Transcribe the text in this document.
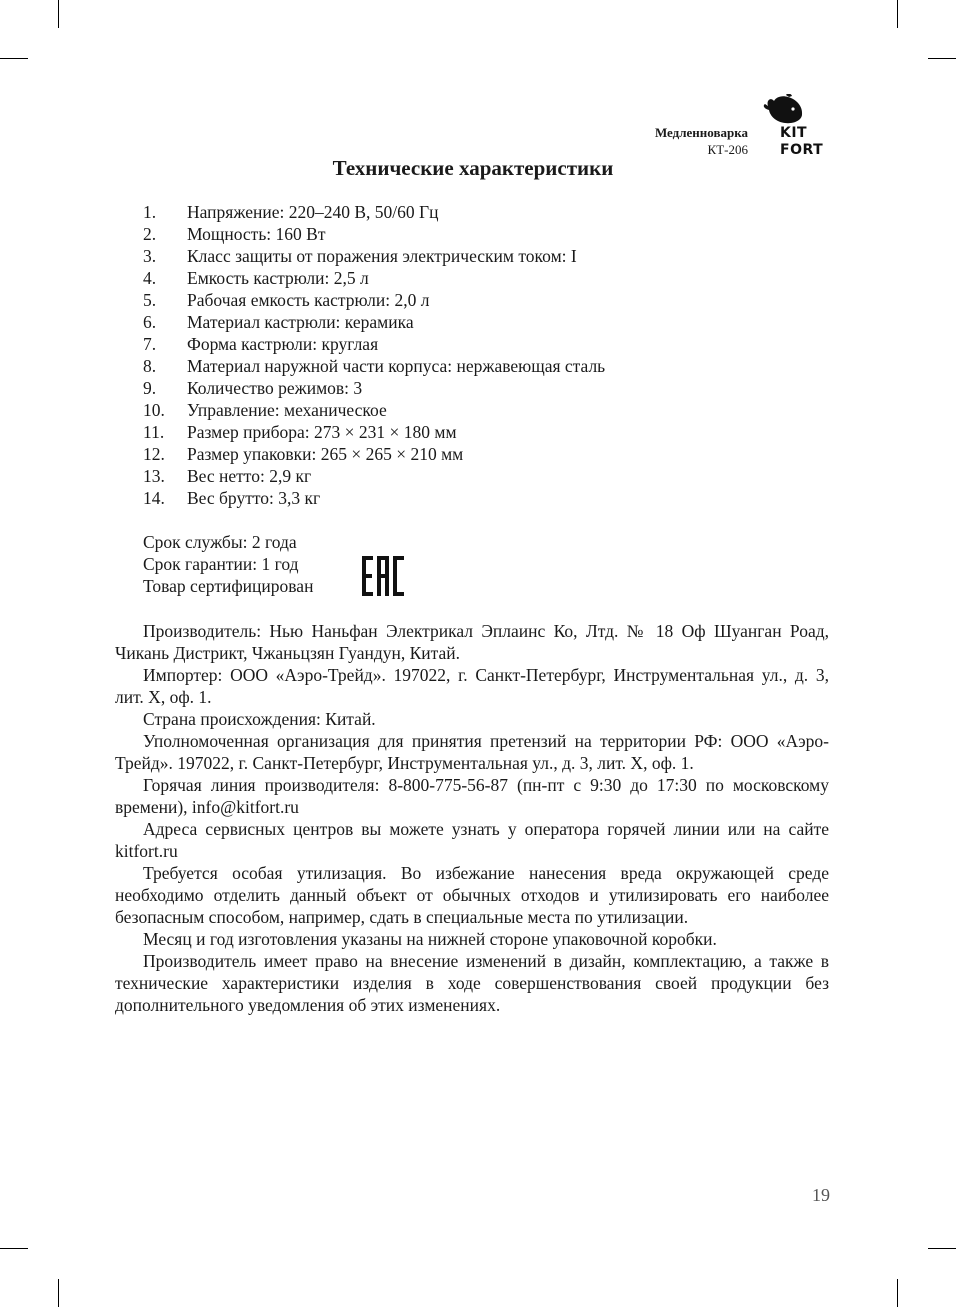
Медленноварка
КТ-206
KIT
FORT
Технические характеристики
1.	Напряжение: 220–240 В, 50/60 Гц
2.	Мощность: 160 Вт
3.	Класс защиты от поражения электрическим током: I
4.	Емкость кастрюли: 2,5 л
5.	Рабочая емкость кастрюли: 2,0 л
6.	Материал кастрюли: керамика
7.	Форма кастрюли: круглая
8.	Материал наружной части корпуса: нержавеющая сталь
9.	Количество режимов: 3
10.	Управление: механическое
11.	Размер прибора: 273 × 231 × 180 мм
12.	Размер упаковки: 265 × 265 × 210 мм
13.	Вес нетто: 2,9 кг
14.	Вес брутто: 3,3 кг
Срок службы: 2 года
Срок гарантии: 1 год
Товар сертифицирован

Производитель: Нью Наньфан Электрикал Эплаинс Ко, Лтд. № 18 Оф Шуанган Роад, Чикань Дистрикт, Чжаньцзян Гуандун, Китай.

Импортер: ООО «Аэро-Трейд». 197022, г. Санкт-Петербург, Инструментальная ул., д. 3, лит. Х, оф. 1.

Страна происхождения: Китай.

Уполномоченная организация для принятия претензий на территории РФ: ООО «Аэро-Трейд». 197022, г. Санкт-Петербург, Инструментальная ул., д. 3, лит. Х, оф. 1.

Горячая линия производителя: 8-800-775-56-87 (пн-пт с 9:30 до 17:30 по московскому времени), info@kitfort.ru

Адреса сервисных центров вы можете узнать у оператора горячей линии или на сайте kitfort.ru

Требуется особая утилизация. Во избежание нанесения вреда окружающей среде необходимо отделить данный объект от обычных отходов и утилизировать его наиболее безопасным способом, например, сдать в специальные места по утилизации.

Месяц и год изготовления указаны на нижней стороне упаковочной коробки.

Производитель имеет право на внесение изменений в дизайн, комплектацию, а также в технические характеристики изделия в ходе совершенствования своей продукции без дополнительного уведомления об этих изменениях.

19
